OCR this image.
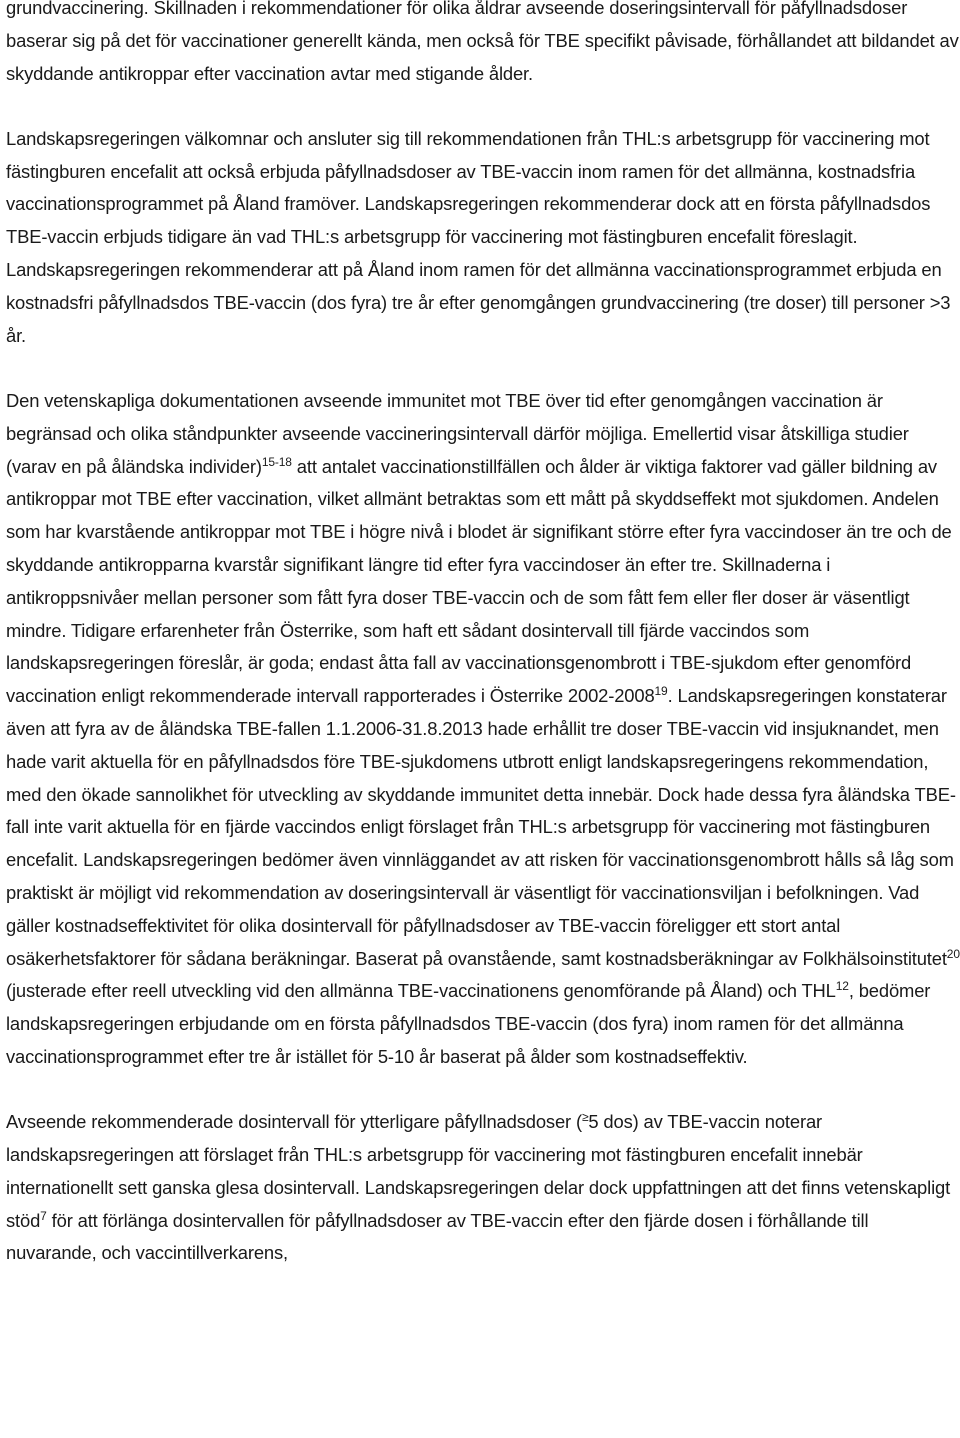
grundvaccinering. Skillnaden i rekommendationer för olika åldrar avseende doseringsintervall för påfyllnadsdoser baserar sig på det för vaccinationer generellt kända, men också för TBE specifikt påvisade, förhållandet att bildandet av skyddande antikroppar efter vaccination avtar med stigande ålder.

Landskapsregeringen välkomnar och ansluter sig till rekommendationen från THL:s arbetsgrupp för vaccinering mot fästingburen encefalit att också erbjuda påfyllnadsdoser av TBE-vaccin inom ramen för det allmänna, kostnadsfria vaccinationsprogrammet på Åland framöver. Landskapsregeringen rekommenderar dock att en första påfyllnadsdos TBE-vaccin erbjuds tidigare än vad THL:s arbetsgrupp för vaccinering mot fästingburen encefalit föreslagit. Landskapsregeringen rekommenderar att på Åland inom ramen för det allmänna vaccinationsprogrammet erbjuda en kostnadsfri påfyllnadsdos TBE-vaccin (dos fyra) tre år efter genomgången grundvaccinering (tre doser) till personer >3 år.

Den vetenskapliga dokumentationen avseende immunitet mot TBE över tid efter genomgången vaccination är begränsad och olika ståndpunkter avseende vaccineringsintervall därför möjliga. Emellertid visar åtskilliga studier (varav en på åländska individer)$^{15-18}$ att antalet vaccinationstillfällen och ålder är viktiga faktorer vad gäller bildning av antikroppar mot TBE efter vaccination, vilket allmänt betraktas som ett mått på skyddseffekt mot sjukdomen. Andelen som har kvarstående antikroppar mot TBE i högre nivå i blodet är signifikant större efter fyra vaccindoser än tre och de skyddande antikropparna kvarstår signifikant längre tid efter fyra vaccindoser än efter tre. Skillnaderna i antikroppsnivåer mellan personer som fått fyra doser TBE-vaccin och de som fått fem eller fler doser är väsentligt mindre. Tidigare erfarenheter från Österrike, som haft ett sådant dosintervall till fjärde vaccindos som landskapsregeringen föreslår, är goda; endast åtta fall av vaccinationsgenombrott i TBE-sjukdom efter genomförd vaccination enligt rekommenderade intervall rapporterades i Österrike 2002-2008$^{19}$. Landskapsregeringen konstaterar även att fyra av de åländska TBE-fallen 1.1.2006-31.8.2013 hade erhållit tre doser TBE-vaccin vid insjuknandet, men hade varit aktuella för en påfyllnadsdos före TBE-sjukdomens utbrott enligt landskapsregeringens rekommendation, med den ökade sannolikhet för utveckling av skyddande immunitet detta innebär. Dock hade dessa fyra åländska TBE-fall inte varit aktuella för en fjärde vaccindos enligt förslaget från THL:s arbetsgrupp för vaccinering mot fästingburen encefalit. Landskapsregeringen bedömer även vinnläggandet av att risken för vaccinationsgenombrott hålls så låg som praktiskt är möjligt vid rekommendation av doseringsintervall är väsentligt för vaccinationsviljan i befolkningen. Vad gäller kostnadseffektivitet för olika dosintervall för påfyllnadsdoser av TBE-vaccin föreligger ett stort antal osäkerhetsfaktorer för sådana beräkningar. Baserat på ovanstående, samt kostnadsberäkningar av Folkhälsoinstitutet$^{20}$ (justerade efter reell utveckling vid den allmänna TBE-vaccinationens genomförande på Åland) och THL$^{12}$, bedömer landskapsregeringen erbjudande om en första påfyllnadsdos TBE-vaccin (dos fyra) inom ramen för det allmänna vaccinationsprogrammet efter tre år istället för 5-10 år baserat på ålder som kostnadseffektiv.

Avseende rekommenderade dosintervall för ytterligare påfyllnadsdoser (≥5 dos) av TBE-vaccin noterar landskapsregeringen att förslaget från THL:s arbetsgrupp för vaccinering mot fästingburen encefalit innebär internationellt sett ganska glesa dosintervall. Landskapsregeringen delar dock uppfattningen att det finns vetenskapligt stöd$^7$ för att förlänga dosintervallen för påfyllnadsdoser av TBE-vaccin efter den fjärde dosen i förhållande till nuvarande, och vaccintillverkarens,
